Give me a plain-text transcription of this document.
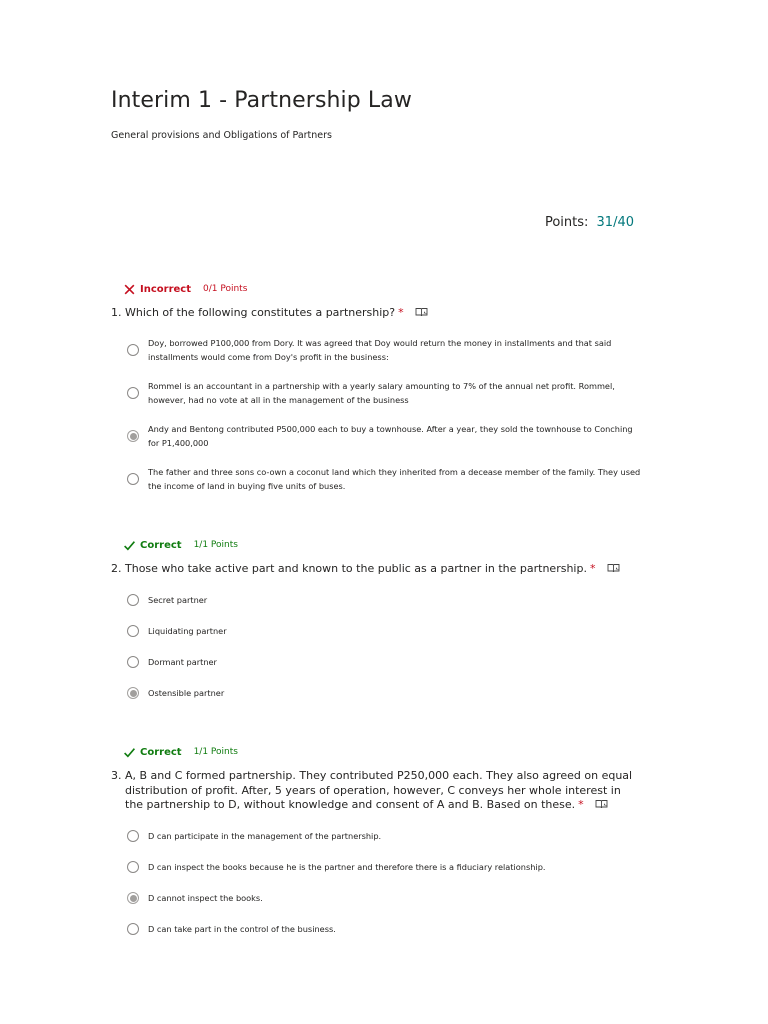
Interim 1 - Partnership Law

General provisions and Obligations of Partners

Points: 31/40
Incorrect 0/1 Points
1. Which of the following constitutes a partnership? *
Doy, borrowed P100,000 from Dory. It was agreed that Doy would return the money in installments and that said installments would come from Doy's profit in the business:
Rommel is an accountant in a partnership with a yearly salary amounting to 7% of the annual net profit. Rommel, however, had no vote at all in the management of the business
Andy and Bentong contributed P500,000 each to buy a townhouse. After a year, they sold the townhouse to Conching for P1,400,000
The father and three sons co-own a coconut land which they inherited from a decease member of the family. They used the income of land in buying five units of buses.
Correct 1/1 Points
2. Those who take active part and known to the public as a partner in the partnership. *
Secret partner
Liquidating partner
Dormant partner
Ostensible partner
Correct 1/1 Points
3. A, B and C formed partnership. They contributed P250,000 each. They also agreed on equal distribution of profit. After, 5 years of operation, however, C conveys her whole interest in the partnership to D, without knowledge and consent of A and B. Based on these. *
D can participate in the management of the partnership.
D can inspect the books because he is the partner and therefore there is a fiduciary relationship.
D cannot inspect the books.
D can take part in the control of the business.
